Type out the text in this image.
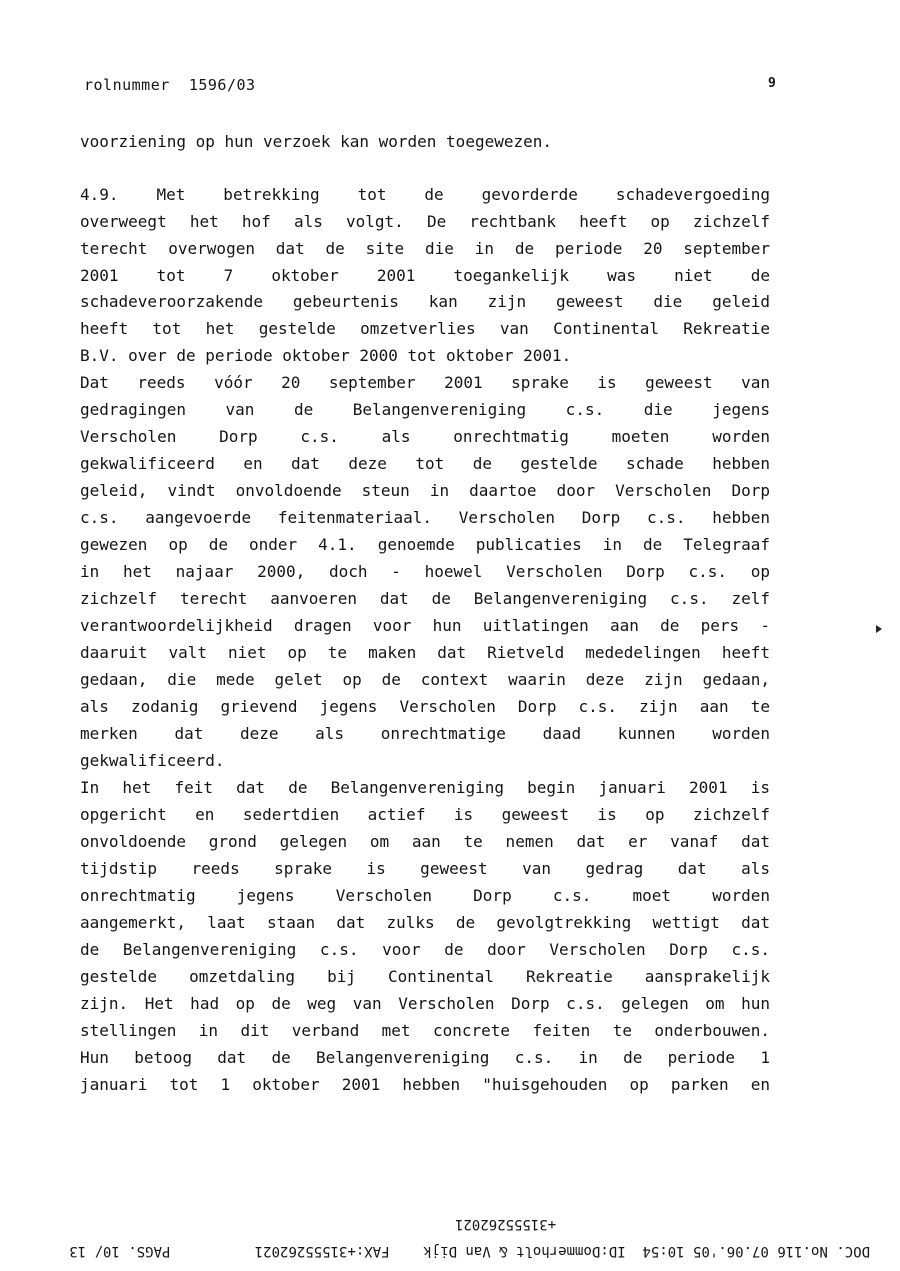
rolnummer  1596/03	9
voorziening op hun verzoek kan worden toegewezen.
4.9. Met betrekking tot de gevorderde schadevergoeding
overweegt het hof als volgt. De rechtbank heeft op zichzelf
terecht overwogen dat de site die in de periode 20 september
2001 tot 7 oktober 2001 toegankelijk was niet de
schadeveroorzakende gebeurtenis kan zijn geweest die geleid
heeft tot het gestelde omzetverlies van Continental Rekreatie
B.V. over de periode oktober 2000 tot oktober 2001.
Dat reeds vóór 20 september 2001 sprake is geweest van
gedragingen van de Belangenvereniging c.s. die jegens
Verscholen Dorp c.s. als onrechtmatig moeten worden
gekwalificeerd en dat deze tot de gestelde schade hebben
geleid, vindt onvoldoende steun in daartoe door Verscholen Dorp
c.s. aangevoerde feitenmateriaal. Verscholen Dorp c.s. hebben
gewezen op de onder 4.1. genoemde publicaties in de Telegraaf
in het najaar 2000, doch - hoewel Verscholen Dorp c.s. op
zichzelf terecht aanvoeren dat de Belangenvereniging c.s. zelf
verantwoordelijkheid dragen voor hun uitlatingen aan de pers -
daaruit valt niet op te maken dat Rietveld mededelingen heeft
gedaan, die mede gelet op de context waarin deze zijn gedaan,
als zodanig grievend jegens Verscholen Dorp c.s. zijn aan te
merken dat deze als onrechtmatige daad kunnen worden
gekwalificeerd.
In het feit dat de Belangenvereniging begin januari 2001 is
opgericht en sedertdien actief is geweest is op zichzelf
onvoldoende grond gelegen om aan te nemen dat er vanaf dat
tijdstip reeds sprake is geweest van gedrag dat als
onrechtmatig jegens Verscholen Dorp c.s. moet worden
aangemerkt, laat staan dat zulks de gevolgtrekking wettigt dat
de Belangenvereniging c.s. voor de door Verscholen Dorp c.s.
gestelde omzetdaling bij Continental Rekreatie aansprakelijk
zijn. Het had op de weg van Verscholen Dorp c.s. gelegen om hun
stellingen in dit verband met concrete feiten te onderbouwen.
Hun betoog dat de Belangenvereniging c.s. in de periode 1
januari tot 1 oktober 2001 hebben "huisgehouden op parken en
+31555262021
DOC. No.116 07.06.'05 10:54  ID:Dommerholt & Van Dijk    FAX:+31555262021          PAGS. 10/ 13
